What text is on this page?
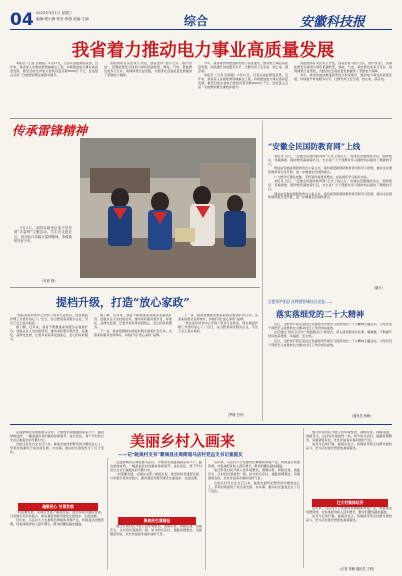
04 2023年3月1日 星期三
编辑:程小薇 校对:李康 美编:王丽	综合	安徽科技报
我省着力推动电力事业高质量发展

本报讯（记者 张晓燕）2月27日，记者从省能源局获悉，近年来，我省深入实施能源领域重点工程，持续推进电力事业高质量发展，截至目前全省电力装机容量突破9000万千瓦，发电量占全省一次能源消费比重稳步提升。

省能源局有关负责人介绍，我省坚持“稳字当头、稳中求进”，统筹能源安全保供与绿色低碳转型，煤电、气电、新能源发电多元互补，电网网架日益坚强，为经济社会高质量发展提供了坚强电力保障。

今年，我省将加快推进新型电力系统建设，推动电力事业高质量发展，持续提升供电服务水平，让群众用上安全电、放心电、满意电。

本报讯（记者 张晓燕）2月27日，记者从省能源局获悉，近年来，我省深入实施能源领域重点工程，持续推进电力事业高质量发展，截至目前全省电力装机容量突破9000万千瓦，发电量占全省一次能源消费比重稳步提升。

省能源局有关负责人介绍，我省坚持“稳字当头、稳中求进”，统筹能源安全保供与绿色低碳转型，煤电、气电、新能源发电多元互补，电网网架日益坚强，为经济社会高质量发展提供了坚强电力保障。

今年，我省将加快推进新型电力系统建设，推动电力事业高质量发展，持续提升供电服务水平，让群众用上安全电、放心电、满意电。

传承雷锋精神

3月2日，阜阳市颍州区某小学开展“学雷锋”主题活动，学生们走进社区，用实际行动践行雷锋精神，争做新时代好少年。

（吴彬 摄）
“安徽全民国防教育网”上线

本报讯 近日，“安徽全民国防教育网”正式上线运行。该网站设置国防动态、国防知识、英模事迹、国防教育基地等栏目，为全省广大干部群众学习国防知识提供了便捷的平台。

网站由安徽省国防教育办公室主办，将持续更新国防教育资讯和学习资源，推动全民国防教育常态化开展，进一步增强全民国防观念。

广大群众可通过电脑、手机等终端登录网站，在线浏览学习相关内容。

本报讯 近日，“安徽全民国防教育网”正式上线运行。该网站设置国防动态、国防知识、英模事迹、国防教育基地等栏目，为全省广大干部群众学习国防知识提供了便捷的平台。

网站由安徽省国防教育办公室主办，将持续更新国防教育资讯和学习资源，推动全民国防教育常态化开展，进一步增强全民国防观念。

（晓宇）
合肥市庐阳区各种港智城社区党委——
落实落细党的二十大精神

近日，合肥市庐阳区某社区党委组织开展学习贯彻党的二十大精神主题活动，引导党员干部把学习成果转化为推动社区工作的实际成效。

社区通过“党员示范岗”“网格服务日”等形式，深入居民群众办实事、解难题，不断提升居民的获得感、幸福感、安全感。

近日，合肥市庐阳区某社区党委组织开展学习贯彻党的二十大精神主题活动，引导党员干部把学习成果转化为推动社区工作的实际成效。

（通讯员 杨帆）
提档升级，打造“放心家政”

“我在家政培训中心学到了很多专业知识，现在做起护理工作更有信心了。”近日，在合肥某家政服务企业，学员王女士高兴地说。

据了解，近年来，我省不断推进家政服务业提质扩容，加强从业人员技能培训，推动家政服务规范化、标准化、品牌化发展，让更多家庭享受到放心、安心的家政服务。

据了解，近年来，我省不断推进家政服务业提质扩容，加强从业人员技能培训，推动家政服务规范化、标准化、品牌化发展，让更多家庭享受到放心、安心的家政服务。

下一步，我省将继续实施家政服务提质扩容行动，完善家政服务信用体系，持续打造“放心家政”品牌。

下一步，我省将继续实施家政服务提质扩容行动，完善家政服务信用体系，持续打造“放心家政”品牌。

“我在家政培训中心学到了很多专业知识，现在做起护理工作更有信心了。”近日，在合肥某家政服务企业，学员王女士高兴地说。

（罗敏 吕华）
美丽乡村入画来
——记“皖美村支书”蒙城县庄周街道马店村党总支书记崔振友

走进蒙城县庄周街道马店村，平整的水泥路通到家家户户，路边绿树成荫，一幅美丽乡村的画卷徐徐展开。这些变化，离不开村党总支书记崔振友的辛勤付出。

自担任村党总支书记以来，崔振友始终把群众的冷暖放在心上，带领村两委班子成员谋发展、办实事，推动村庄面貌发生了巨大变化。

凝聚民心 引领发展

“村里要发展，关键在支部。”崔振友说。他坚持抓党建促发展，以党建引领乡村振兴，推动基层党组织建设全面进步、全面过硬。

近年来，马店村大力发展特色种植和养殖产业，积极盘活闲置资源，村集体经济收入逐年增长，群众的腰包越来越鼓。

走进蒙城县庄周街道马店村，平整的水泥路通到家家户户，路边绿树成荫，一幅美丽乡村的画卷徐徐展开。这些变化，离不开村党总支书记崔振友的辛勤付出。

“村里要发展，关键在支部。”崔振友说。他坚持抓党建促发展，以党建引领乡村振兴，推动基层党组织建设全面进步、全面过硬。

聚焦民生谋福祉

他还带领村民开展人居环境整治，清理垃圾、拆除违建、栽植花木，让村容村貌焕然一新。如今的马店村，道路宽阔整洁，房屋错落有致，处处洋溢着幸福和谐的气息。

近年来，马店村大力发展特色种植和养殖产业，积极盘活闲置资源，村集体经济收入逐年增长，群众的腰包越来越鼓。

他还带领村民开展人居环境整治，清理垃圾、拆除违建、栽植花木，让村容村貌焕然一新。如今的马店村，道路宽阔整洁，房屋错落有致，处处洋溢着幸福和谐的气息。

自担任村党总支书记以来，崔振友始终把群众的冷暖放在心上，带领村两委班子成员谋发展、办实事，推动村庄面貌发生了巨大变化。

他还带领村民开展人居环境整治，清理垃圾、拆除违建、栽植花木，让村容村貌焕然一新。如今的马店村，道路宽阔整洁，房屋错落有致，处处洋溢着幸福和谐的气息。

谈及今后的打算，崔振友表示，将继续带领全村群众团结奋斗，把马店村建设得更加美丽富饶。

壮大村集体经济

近年来，马店村大力发展特色种植和养殖产业，积极盘活闲置资源，村集体经济收入逐年增长，群众的腰包越来越鼓。

谈及今后的打算，崔振友表示，将继续带领全村群众团结奋斗，把马店村建设得更加美丽富饶。

（记者 刘畅 通讯员 王明）
